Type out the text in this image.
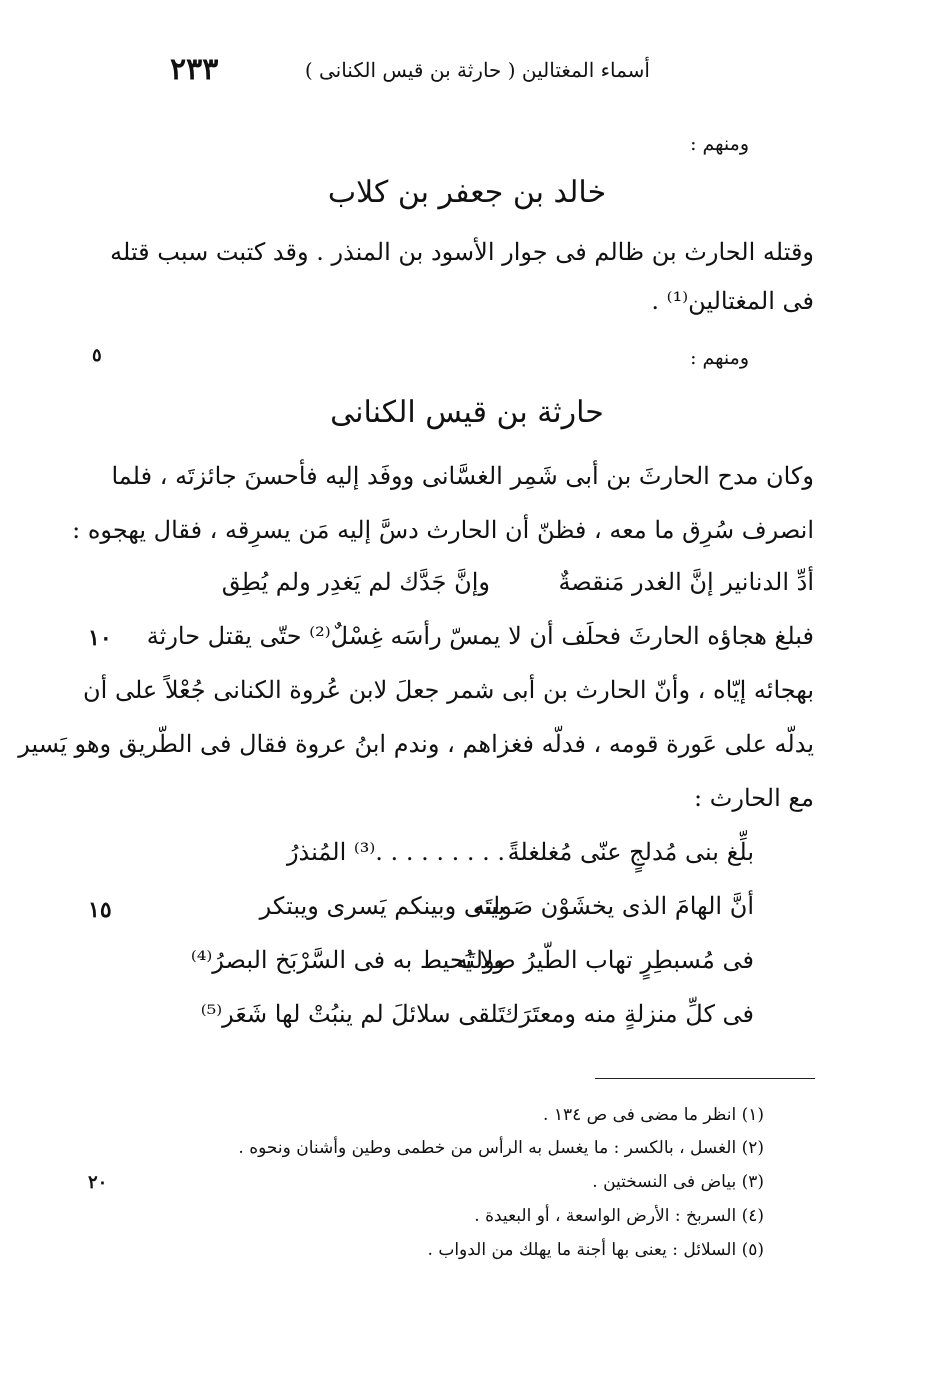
٢٣٣	أسماء المغتالين ( حارثة بن قيس الكنانى )
ومنهم :
خالد بن جعفر بن كلاب
وقتله الحارث بن ظالم فى جوار الأسود بن المنذر . وقد كتبت سبب قتله
فى المغتالين⁽¹⁾ .
٥	ومنهم :
حارثة بن قيس الكنانى
وكان مدح الحارثَ بن أبى شَمِر الغسَّانى ووفَد إليه فأحسنَ جائزتَه ، فلما
انصرف سُرِق ما معه ، فظنّ أن الحارث دسَّ إليه مَن يسرِقه ، فقال يهجوه :
أدِّ الدنانير إنَّ الغدر مَنقصةٌ
وإنَّ جَدَّك لم يَغدِر ولم يُطِق
١٠	فبلغ هجاؤه الحارثَ فحلَف أن لا يمسّ رأسَه غِسْلٌ⁽²⁾ حتّى يقتل حارثة
بهجائه إيّاه ، وأنّ الحارث بن أبى شمر جعلَ لابن عُروة الكنانى جُعْلاً على أن
يدلّه على عَورة قومه ، فدلّه فغزاهم ، وندم ابنُ عروة فقال فى الطّريق وهو يَسير
مع الحارث :
بلِّغ بنى مُدلجٍ عنّى مُغلغلةً
. . . . . . . . .⁽³⁾ المُنذرُ
١٥	أنَّ الهامَ الذى يخشَوْن صَولتَه
بينى وبينكم يَسرى ويبتكر
فى مُسبطِرٍ تهاب الطّيرُ صولتَه
ولا يُحيط به فى السَّرْبَخ البصرُ⁽⁴⁾
فى كلِّ منزلةٍ منه ومعتَرَك
تَلقى سلائلَ لم ينبُتْ لها شَعَر⁽⁵⁾
(١) انظر ما مضى فى ص ١٣٤ .
(٢) الغسل ، بالكسر : ما يغسل به الرأس من خطمى وطين وأشنان ونحوه .
٢٠	(٣) بياض فى النسختين .
(٤) السربخ : الأرض الواسعة ، أو البعيدة .
(٥) السلائل : يعنى بها أجنة ما يهلك من الدواب .
